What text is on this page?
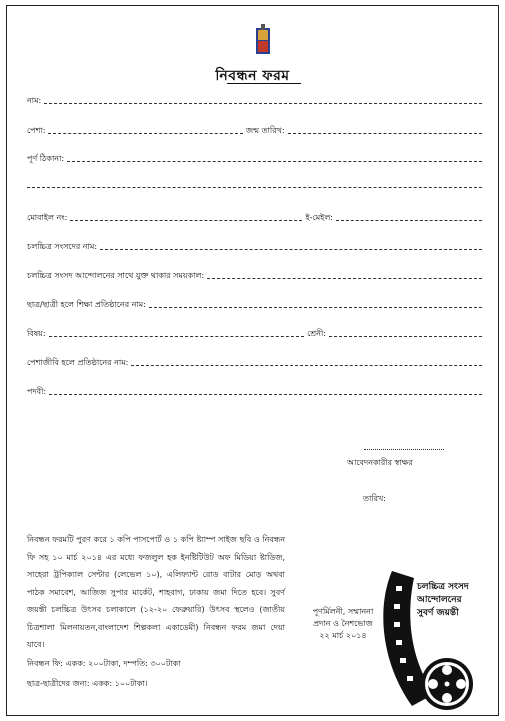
নিবন্ধন ফরম
নাম:
পেশা:	জন্ম তারিখ:
পূর্ণ ঠিকানা:
মোবাইল নং:	ই-মেইল:
চলচ্চিত্র সংসদের নাম:
চলচ্চিত্র সংসদ আন্দোলনের সাথে যুক্ত থাকার সময়কাল:
ছাত্র/ছাত্রী হলে শিক্ষা প্রতিষ্ঠানের নাম:
বিষয়:	শ্রেনী:
পেশাজীবি হলে প্রতিষ্ঠানের নাম:
পদবী:
আবেদনকারীর স্বাক্ষর
তারিখ:
নিবন্ধন ফরমটি পুরণ করে ১ কপি পাসপোর্ট ও ১ কপি ষ্ট্যাম্প সাইজ ছবি ও নিবন্ধন ফি সহ ১০ মার্চ ২০১৪ এর মধ্যে ফজলুল হক ইনষ্টিটিউট অফ মিডিয়া ষ্টাডিজ, সাহেরা ট্রপিক্যাল সেন্টার (লেভেল ১০), এলিফ্যান্ট রোড বাটার মোড় অথবা পাঠক সমাবেশ, আজিজ সুপার মার্কেট, শাহবাগ, ঢাকায় জমা দিতে হবে। সুবর্ণ জয়ন্তী চলচ্চিত্র উৎসব চলাকালে (১২-২০ ফেব্রুয়ারি) উৎসব স্থলেও (জাতীয় চিত্রশালা মিলনায়তন,বাংলাদেশ শিল্পকলা একাডেমী) নিবন্ধন ফরম জমা দেয়া যাবে।
নিবন্ধন ফি: একক: ২০০টাকা, দম্পতি: ৩০০টাকা
ছাত্র-ছাত্রীদের জন্য: একক: ১০০টাকা।
পূণর্মিলনী, সম্মাননা
প্রদান ও নৈশভোজ
২২ মার্চ ২০১৪
চলচ্চিত্র সংসদ
আন্দোলনের
সুবর্ণ জয়ন্তী
